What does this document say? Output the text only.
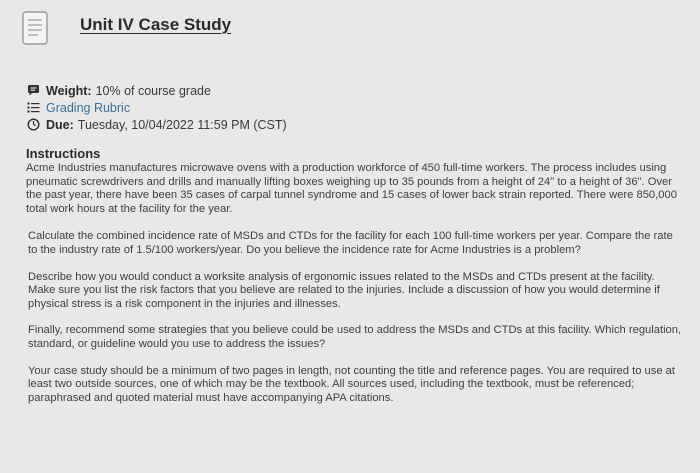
Unit IV Case Study
Weight: 10% of course grade
Grading Rubric
Due: Tuesday, 10/04/2022 11:59 PM (CST)
Instructions

Acme Industries manufactures microwave ovens with a production workforce of 450 full-time workers. The process includes using pneumatic screwdrivers and drills and manually lifting boxes weighing up to 35 pounds from a height of 24" to a height of 36". Over the past year, there have been 35 cases of carpal tunnel syndrome and 15 cases of lower back strain reported. There were 850,000 total work hours at the facility for the year.

Calculate the combined incidence rate of MSDs and CTDs for the facility for each 100 full-time workers per year. Compare the rate to the industry rate of 1.5/100 workers/year. Do you believe the incidence rate for Acme Industries is a problem?

Describe how you would conduct a worksite analysis of ergonomic issues related to the MSDs and CTDs present at the facility. Make sure you list the risk factors that you believe are related to the injuries. Include a discussion of how you would determine if physical stress is a risk component in the injuries and illnesses.

Finally, recommend some strategies that you believe could be used to address the MSDs and CTDs at this facility. Which regulation, standard, or guideline would you use to address the issues?

Your case study should be a minimum of two pages in length, not counting the title and reference pages. You are required to use at least two outside sources, one of which may be the textbook. All sources used, including the textbook, must be referenced; paraphrased and quoted material must have accompanying APA citations.
